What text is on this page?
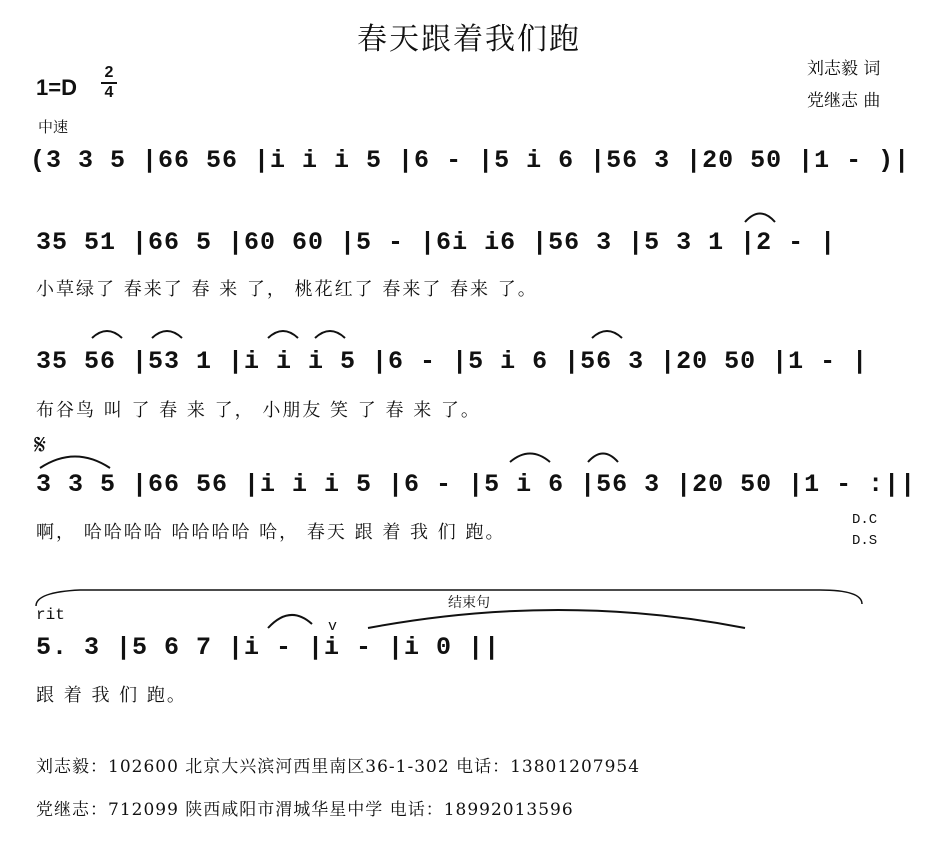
春天跟着我们跑
刘志毅 词
党继志 曲
1=D
2
4
中速
(3 3 5 |66 56 |i i i 5 |6 - |5 i 6 |56 3 |20 50 |1 - )|
35 51 |66 5 |60 60 |5 - |6i i6 |56 3 |5 3 1 |2 - |
小草绿了 春来了 春 来 了， 桃花红了 春来了 春来 了。
35 56 |53 1 |i i i 5 |6 - |5 i 6 |56 3 |20 50 |1 - |
布谷鸟 叫 了 春 来 了， 小朋友 笑 了 春 来 了。
𝄋
3 3 5 |66 56 |i i i 5 |6 - |5 i 6 |56 3 |20 50 |1 - :||
啊， 哈哈哈哈 哈哈哈哈 哈， 春天 跟 着 我 们 跑。
D.C
D.S
rit
结束句
v
5. 3 |5 6 7 |i - |i - |i 0 ||
跟 着 我 们 跑。
刘志毅：102600 北京大兴滨河西里南区36-1-302 电话：13801207954
党继志：712099 陕西咸阳市渭城华星中学 电话：18992013596
